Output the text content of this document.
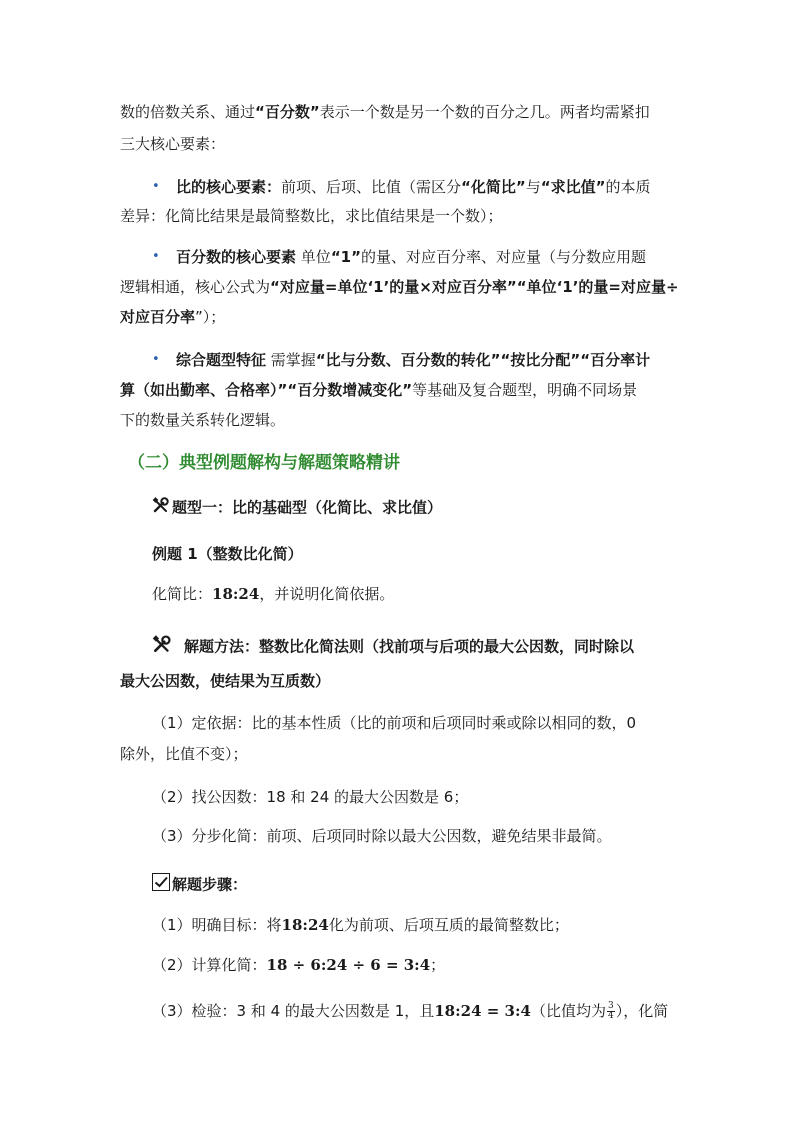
数的倍数关系、通过“百分数”表示一个数是另一个数的百分之几。两者均需紧扣
三大核心要素：
• 比的核心要素：前项、后项、比值（需区分“化简比”与“求比值”的本质
差异：化简比结果是最简整数比，求比值结果是一个数）；
• 百分数的核心要素 单位“1”的量、对应百分率、对应量（与分数应用题
逻辑相通，核心公式为“对应量=单位‘1’的量×对应百分率”“单位‘1’的量=对应量÷
对应百分率”）；
• 综合题型特征 需掌握“比与分数、百分数的转化”“按比分配”“百分率计
算（如出勤率、合格率）”“百分数增减变化”等基础及复合题型，明确不同场景
下的数量关系转化逻辑。
（二）典型例题解构与解题策略精讲
题型一：比的基础型（化简比、求比值）
例题 1（整数比化简）
化简比：18:24，并说明化简依据。
解题方法：整数比化简法则（找前项与后项的最大公因数，同时除以
最大公因数，使结果为互质数）
（1）定依据：比的基本性质（比的前项和后项同时乘或除以相同的数，0
除外，比值不变）；
（2）找公因数：18 和 24 的最大公因数是 6；
（3）分步化简：前项、后项同时除以最大公因数，避免结果非最简。
解题步骤：
（1）明确目标：将18:24化为前项、后项互质的最简整数比；
（2）计算化简：18 ÷ 6:24 ÷ 6 = 3:4；
（3）检验：3 和 4 的最大公因数是 1，且18:24 = 3:4（比值均为 $\frac{3}{4}$ ），化简
